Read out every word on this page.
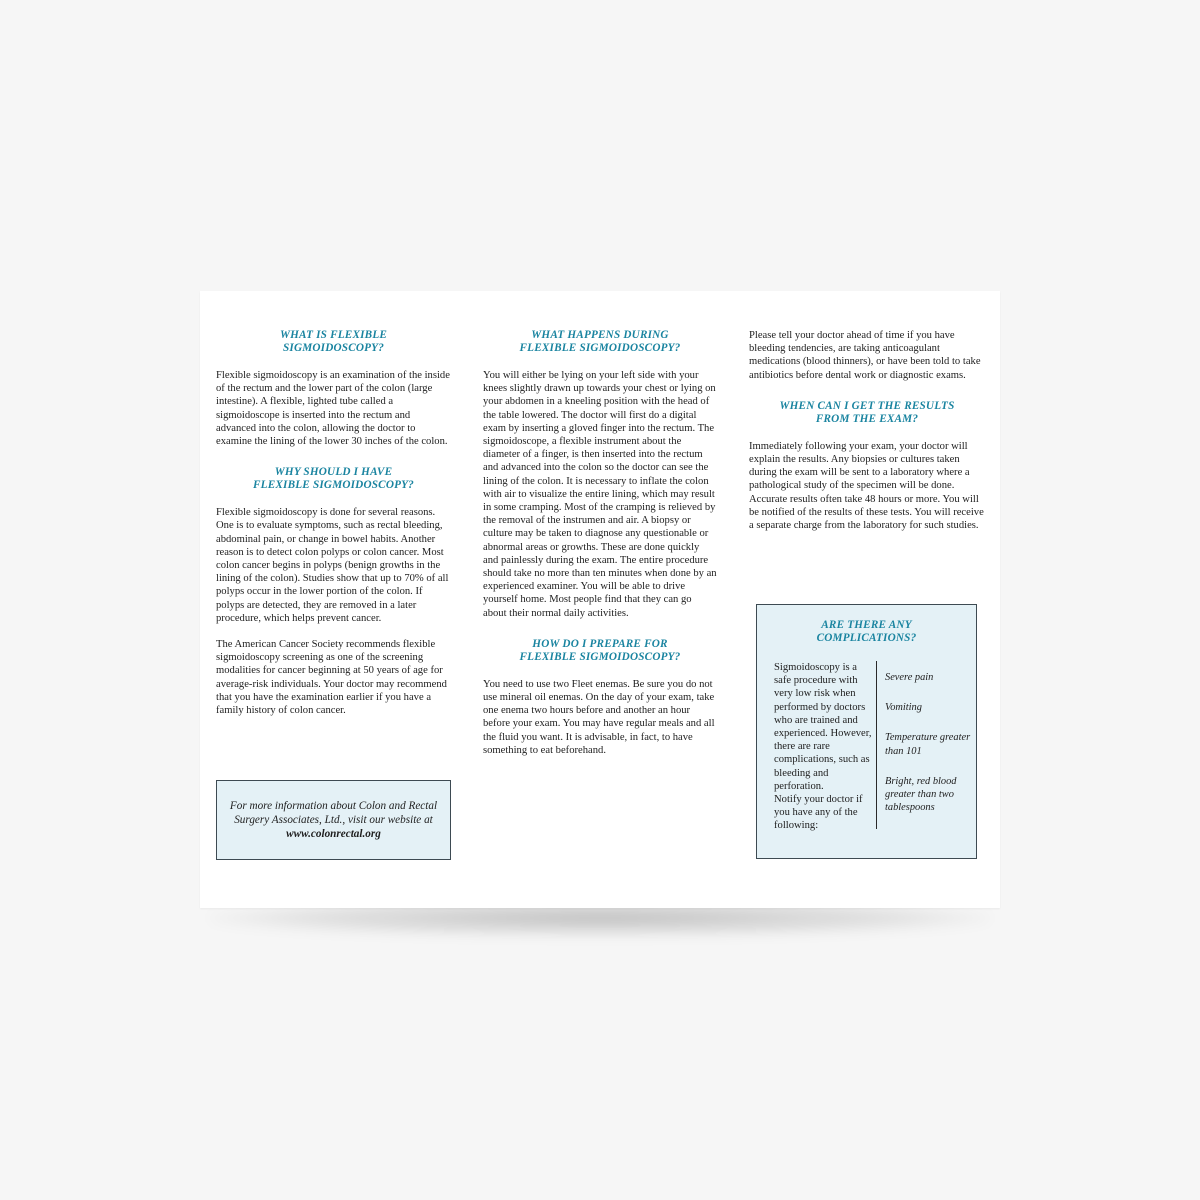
WHAT IS FLEXIBLE
SIGMOIDOSCOPY?

Flexible sigmoidoscopy is an examination of the inside of the rectum and the lower part of the colon (large intestine). A flexible, lighted tube called a sigmoidoscope is inserted into the rectum and advanced into the colon, allowing the doctor to examine the lining of the lower 30 inches of the colon.

WHY SHOULD I HAVE
FLEXIBLE SIGMOIDOSCOPY?

Flexible sigmoidoscopy is done for several reasons. One is to evaluate symptoms, such as rectal bleeding, abdominal pain, or change in bowel habits. Another reason is to detect colon polyps or colon cancer. Most colon cancer begins in polyps (benign growths in the lining of the colon). Studies show that up to 70% of all polyps occur in the lower portion of the colon. If polyps are detected, they are removed in a later procedure, which helps prevent cancer.

The American Cancer Society recommends flexible sigmoidoscopy screening as one of the screening modalities for cancer beginning at 50 years of age for average-risk individuals. Your doctor may recommend that you have the examination earlier if you have a family history of colon cancer.

For more information about Colon and Rectal Surgery Associates, Ltd., visit our website at www.colonrectal.org
WHAT HAPPENS DURING
FLEXIBLE SIGMOIDOSCOPY?

You will either be lying on your left side with your knees slightly drawn up towards your chest or lying on your abdomen in a kneeling position with the head of the table lowered. The doctor will first do a digital exam by inserting a gloved finger into the rectum. The sigmoidoscope, a flexible instrument about the diameter of a finger, is then inserted into the rectum and advanced into the colon so the doctor can see the lining of the colon. It is necessary to inflate the colon with air to visualize the entire lining, which may result in some cramping. Most of the cramping is relieved by the removal of the instrumen and air. A biopsy or culture may be taken to diagnose any questionable or abnormal areas or growths. These are done quickly and painlessly during the exam. The entire procedure should take no more than ten minutes when done by an experienced examiner. You will be able to drive yourself home. Most people find that they can go about their normal daily activities.

HOW DO I PREPARE FOR
FLEXIBLE SIGMOIDOSCOPY?

You need to use two Fleet enemas. Be sure you do not use mineral oil enemas. On the day of your exam, take one enema two hours before and another an hour before your exam. You may have regular meals and all the fluid you want. It is advisable, in fact, to have something to eat beforehand.

Please tell your doctor ahead of time if you have bleeding tendencies, are taking anticoagulant medications (blood thinners), or have been told to take antibiotics before dental work or diagnostic exams.

WHEN CAN I GET THE RESULTS
FROM THE EXAM?

Immediately following your exam, your doctor will explain the results. Any biopsies or cultures taken during the exam will be sent to a laboratory where a pathological study of the specimen will be done. Accurate results often take 48 hours or more. You will be notified of the results of these tests. You will receive a separate charge from the laboratory for such studies.

ARE THERE ANY
COMPLICATIONS?

Sigmoidoscopy is a safe procedure with very low risk when performed by doctors who are trained and experienced. However, there are rare complications, such as bleeding and perforation.

Notify your doctor if you have any of the following:

Severe pain

Vomiting

Temperature greater than 101

Bright, red blood greater than two tablespoons
